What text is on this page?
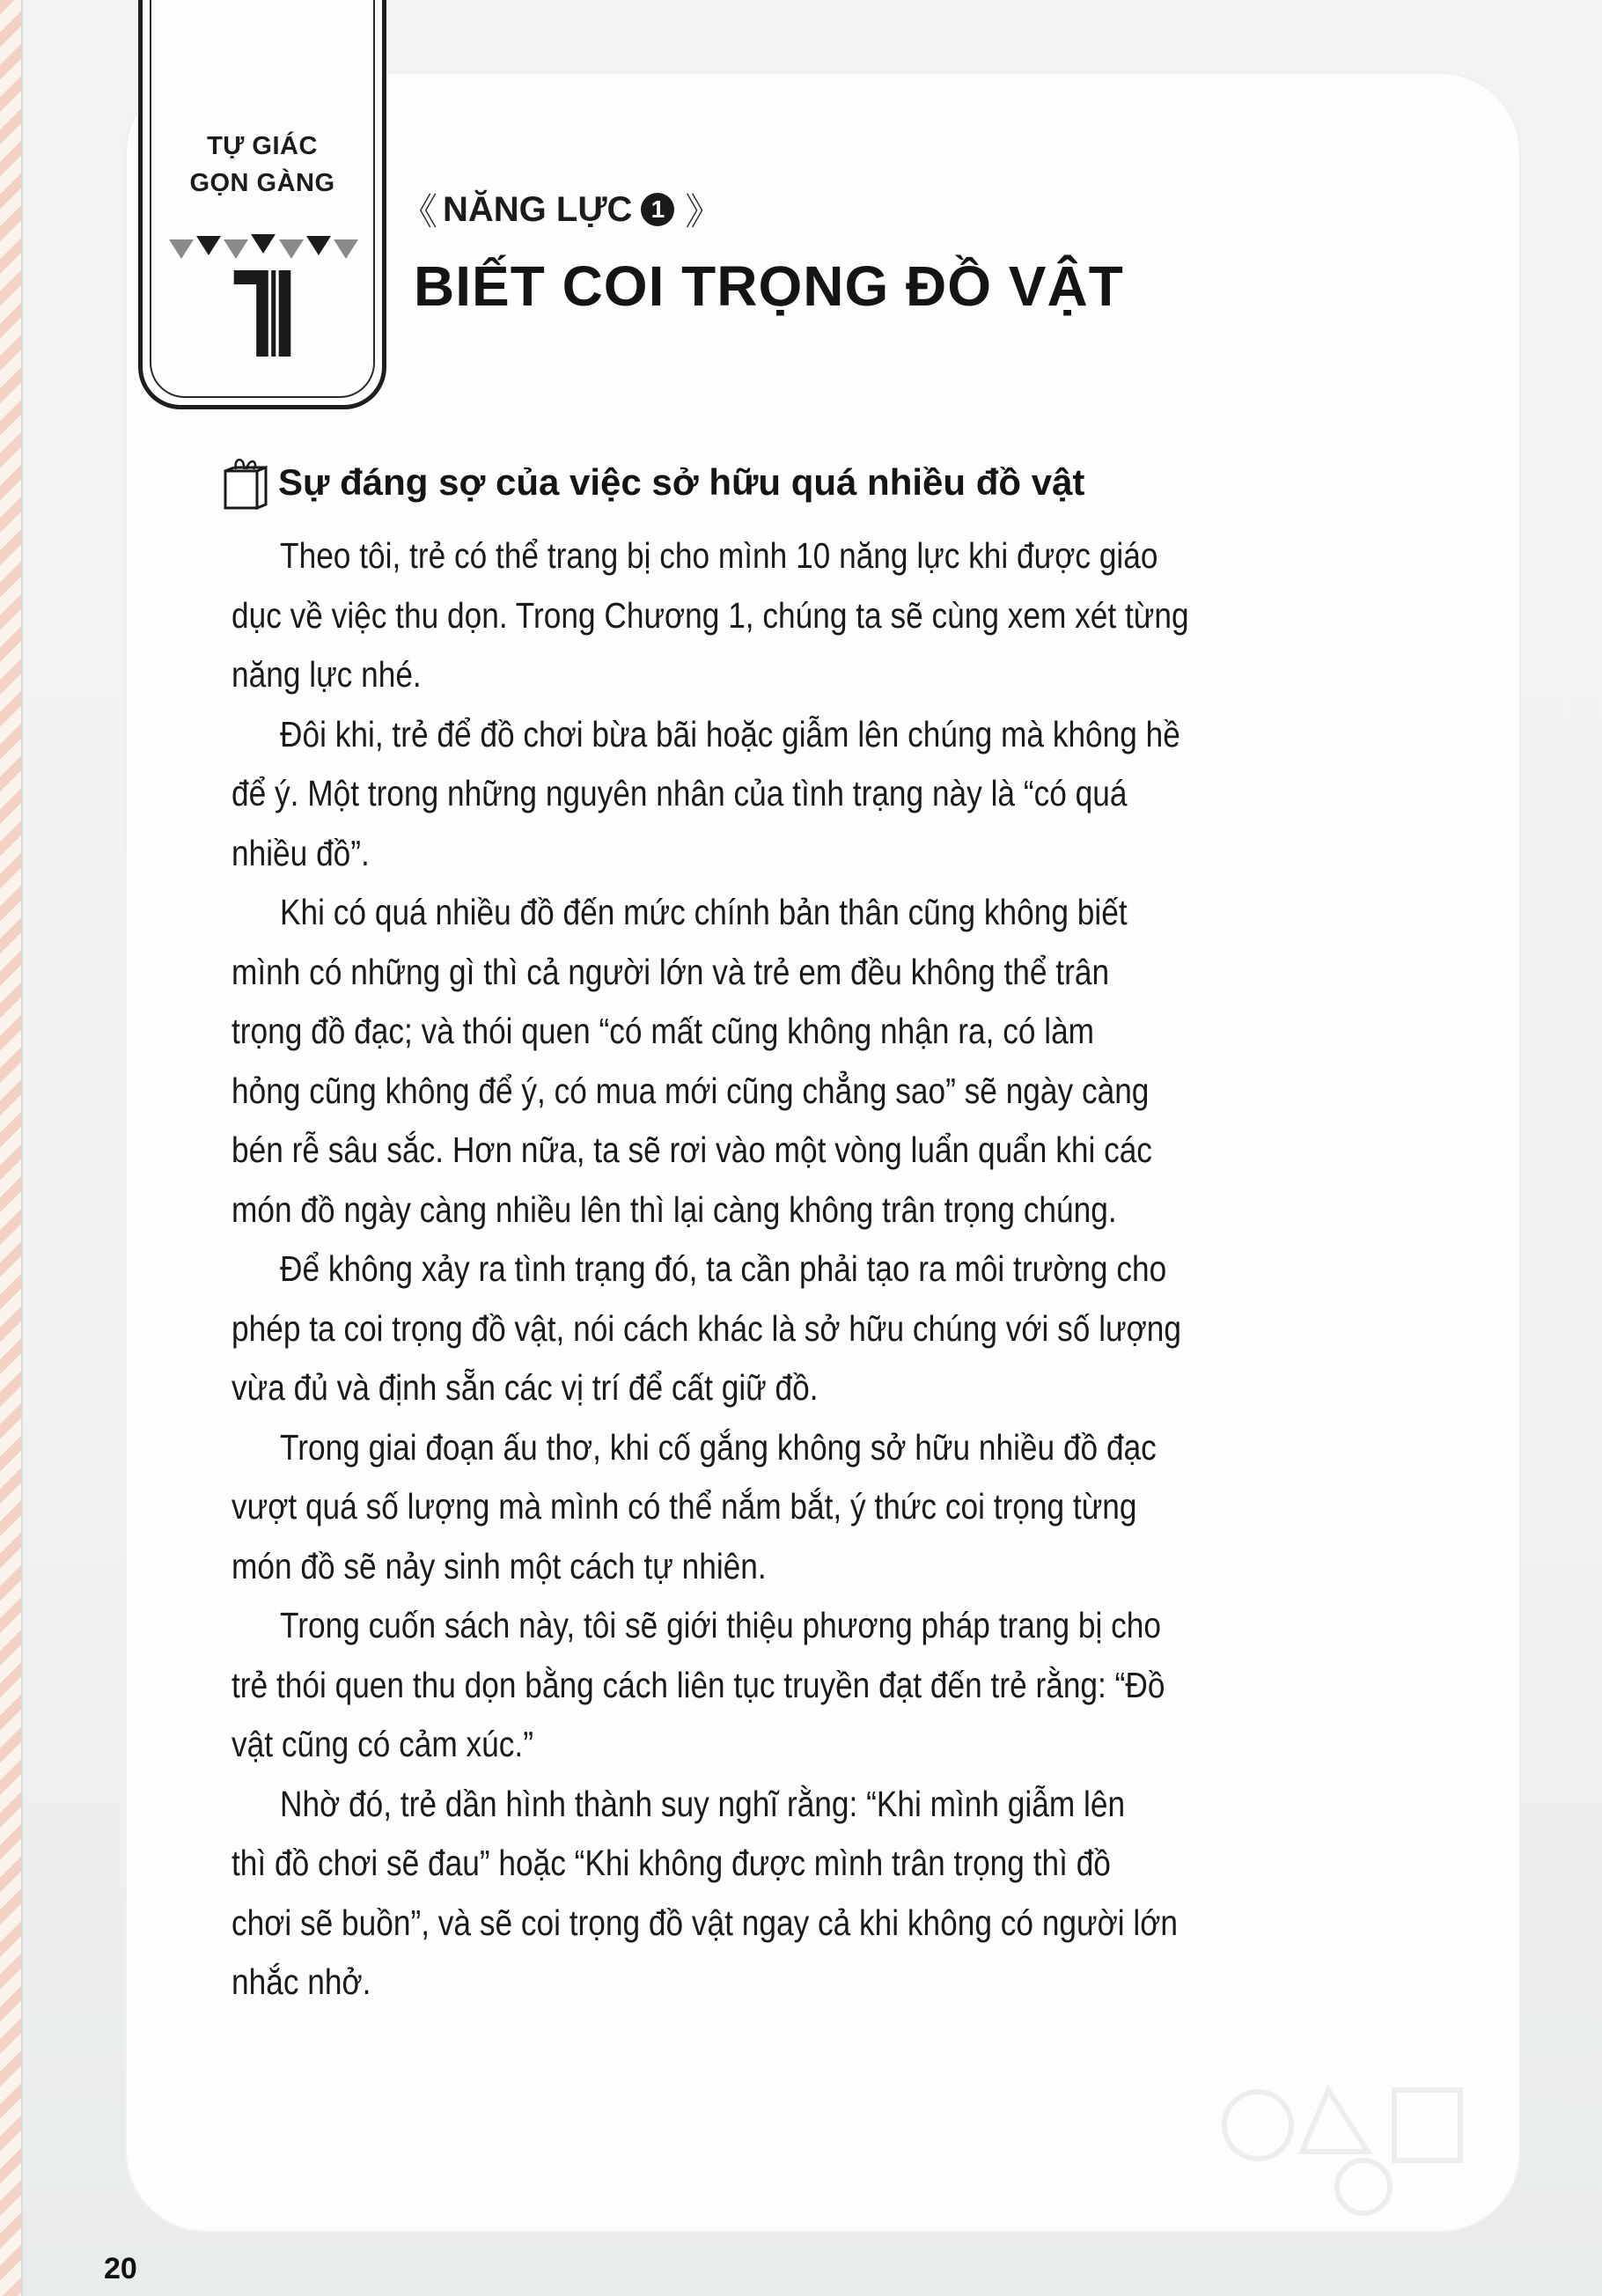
TỰ GIÁC
GỌN GÀNG
《 NĂNG LỰC 1 》
BIẾT COI TRỌNG ĐỒ VẬT
Sự đáng sợ của việc sở hữu quá nhiều đồ vật
Theo tôi, trẻ có thể trang bị cho mình 10 năng lực khi được giáo
dục về việc thu dọn. Trong Chương 1, chúng ta sẽ cùng xem xét từng
năng lực nhé.
Đôi khi, trẻ để đồ chơi bừa bãi hoặc giẫm lên chúng mà không hề
để ý. Một trong những nguyên nhân của tình trạng này là “có quá
nhiều đồ”.
Khi có quá nhiều đồ đến mức chính bản thân cũng không biết
mình có những gì thì cả người lớn và trẻ em đều không thể trân
trọng đồ đạc; và thói quen “có mất cũng không nhận ra, có làm
hỏng cũng không để ý, có mua mới cũng chẳng sao” sẽ ngày càng
bén rễ sâu sắc. Hơn nữa, ta sẽ rơi vào một vòng luẩn quẩn khi các
món đồ ngày càng nhiều lên thì lại càng không trân trọng chúng.
Để không xảy ra tình trạng đó, ta cần phải tạo ra môi trường cho
phép ta coi trọng đồ vật, nói cách khác là sở hữu chúng với số lượng
vừa đủ và định sẵn các vị trí để cất giữ đồ.
Trong giai đoạn ấu thơ, khi cố gắng không sở hữu nhiều đồ đạc
vượt quá số lượng mà mình có thể nắm bắt, ý thức coi trọng từng
món đồ sẽ nảy sinh một cách tự nhiên.
Trong cuốn sách này, tôi sẽ giới thiệu phương pháp trang bị cho
trẻ thói quen thu dọn bằng cách liên tục truyền đạt đến trẻ rằng: “Đồ
vật cũng có cảm xúc.”
Nhờ đó, trẻ dần hình thành suy nghĩ rằng: “Khi mình giẫm lên
thì đồ chơi sẽ đau” hoặc “Khi không được mình trân trọng thì đồ
chơi sẽ buồn”, và sẽ coi trọng đồ vật ngay cả khi không có người lớn
nhắc nhở.
20
